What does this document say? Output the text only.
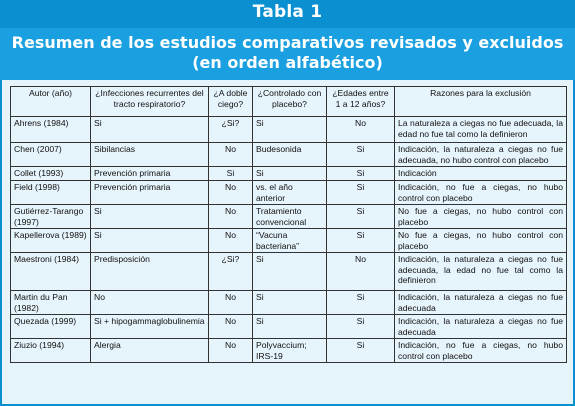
Tabla 1
Resumen de los estudios comparativos revisados y excluidos
(en orden alfabético)
Autor (año)	¿Infecciones recurrentes del tracto respiratorio?	¿A doble ciego?	¿Controlado con placebo?	¿Edades entre 1 a 12 años?	Razones para la exclusión
Ahrens (1984)	Si	¿Si?	Si	No	La naturaleza a ciegas no fue adecuada, la edad no fue tal como la definieron
Chen (2007)	Sibilancias	No	Budesonida	Si	Indicación, la naturaleza a ciegas no fue adecuada, no hubo control con placebo
Collet (1993)	Prevención primaria	Si	Si	Si	Indicación
Field (1998)	Prevención primaria	No	vs. el año anterior	Si	Indicación, no fue a ciegas, no hubo control con placebo
Gutiérrez-Tarango (1997)	Si	No	Tratamiento convencional	Si	No fue a ciegas, no hubo control con placebo
Kapellerova (1989)	Si	No	“Vacuna bacteriana”	Si	No fue a ciegas, no hubo control con placebo
Maestroni (1984)	Predisposición	¿Si?	Si	No	Indicación, la naturaleza a ciegas no fue adecuada, la edad no fue tal como la definieron
Martin du Pan (1982)	No	No	Si	Si	Indicación, la naturaleza a ciegas no fue adecuada
Quezada (1999)	Si + hipogammaglobulinemia	No	Si	Si	Indicación, la naturaleza a ciegas no fue adecuada
Ziuzio (1994)	Alergia	No	Polyvaccium; IRS-19	Si	Indicación, no fue a ciegas, no hubo control con placebo
